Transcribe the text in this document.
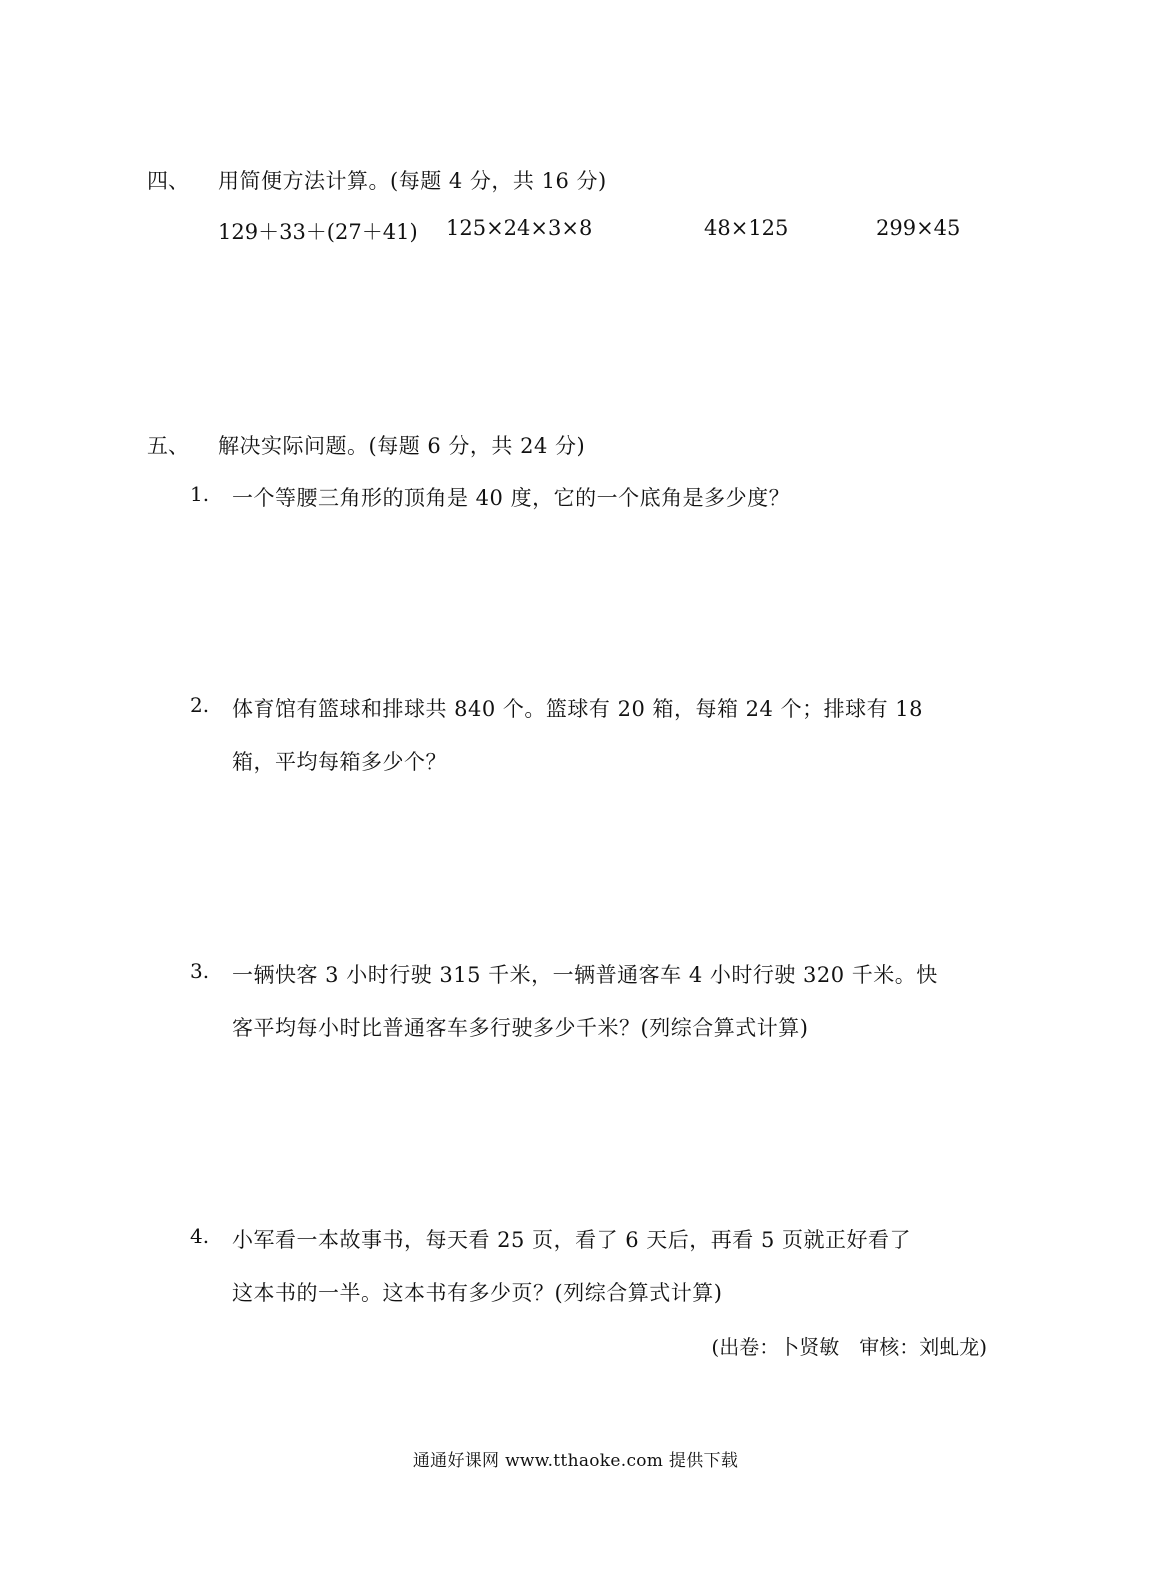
四、 用简便方法计算。(每题 4 分，共 16 分)
129＋33＋(27＋41) 125×24×3×8	48×125	299×45
五、 解决实际问题。(每题 6 分，共 24 分)
1. 一个等腰三角形的顶角是 40 度，它的一个底角是多少度？
2. 体育馆有篮球和排球共 840 个。篮球有 20 箱，每箱 24 个；排球有 18
箱，平均每箱多少个？
3. 一辆快客 3 小时行驶 315 千米，一辆普通客车 4 小时行驶 320 千米。快
客平均每小时比普通客车多行驶多少千米？(列综合算式计算)
4. 小军看一本故事书，每天看 25 页，看了 6 天后，再看 5 页就正好看了
这本书的一半。这本书有多少页？(列综合算式计算)
(出卷：卜贤敏　审核：刘虬龙)
通通好课网 www.tthaoke.com 提供下载
